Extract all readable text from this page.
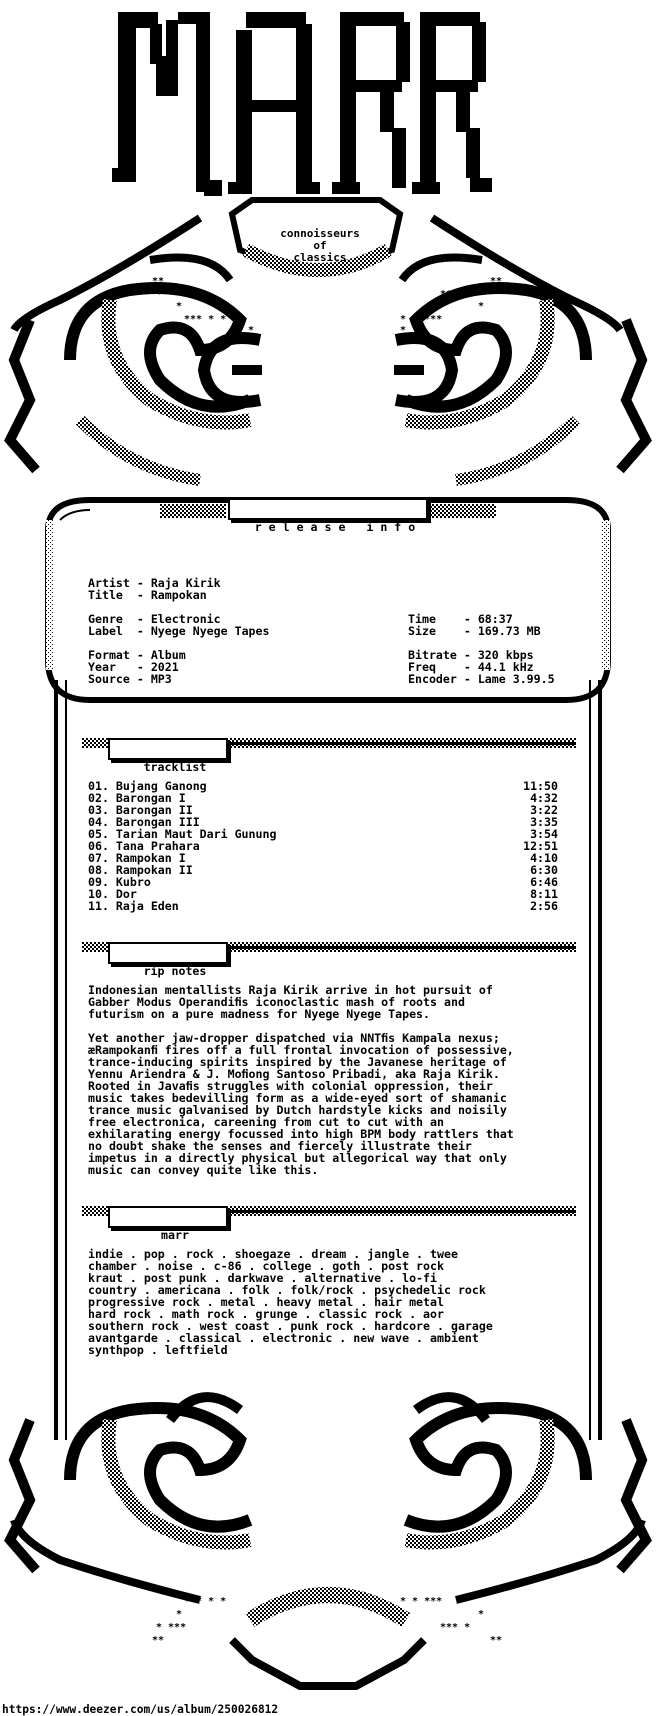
**
* ***
*
*** * *
*
**
*** *
*
* * ***
*
*** * *
*
* ***
**
* * ***
*
*** *
**
connoisseurs
of
classics

r e l e a s e   i n f o

Artist - Raja Kirik
Title  - Rampokan

Genre  - Electronic
Label  - Nyege Nyege Tapes

Format - Album
Year   - 2021
Source - MP3

Time    - 68:37
Size    - 169.73 MB

Bitrate - 320 kbps
Freq    - 44.1 kHz
Encoder - Lame 3.99.5

tracklist

01. Bujang Ganong	11:50
02. Barongan I	4:32
03. Barongan II	3:22
04. Barongan III	3:35
05. Tarian Maut Dari Gunung	3:54
06. Tana Prahara	12:51
07. Rampokan I	4:10
08. Rampokan II	6:30
09. Kubro	6:46
10. Dor	8:11
11. Raja Eden	2:56

rip notes

Indonesian mentallists Raja Kirik arrive in hot pursuit of
Gabber Modus Operandiﬁs iconoclastic mash of roots and
futurism on a pure madness for Nyege Nyege Tapes.

Yet another jaw-dropper dispatched via NNTﬁs Kampala nexus;
æRampokanﬁ fires off a full frontal invocation of possessive,
trance-inducing spirits inspired by the Javanese heritage of
Yennu Ariendra & J. Moﬁong Santoso Pribadi, aka Raja Kirik.
Rooted in Javaﬁs struggles with colonial oppression, their
music takes bedevilling form as a wide-eyed sort of shamanic
trance music galvanised by Dutch hardstyle kicks and noisily
free electronica, careening from cut to cut with an
exhilarating energy focussed into high BPM body rattlers that
no doubt shake the senses and fiercely illustrate their
impetus in a directly physical but allegorical way that only
music can convey quite like this.

marr

indie . pop . rock . shoegaze . dream . jangle . twee
chamber . noise . c-86 . college . goth . post rock
kraut . post punk . darkwave . alternative . lo-fi
country . americana . folk . folk/rock . psychedelic rock
progressive rock . metal . heavy metal . hair metal
hard rock . math rock . grunge . classic rock . aor
southern rock . west coast . punk rock . hardcore . garage
avantgarde . classical . electronic . new wave . ambient
synthpop . leftfield
https://www.deezer.com/us/album/250026812
